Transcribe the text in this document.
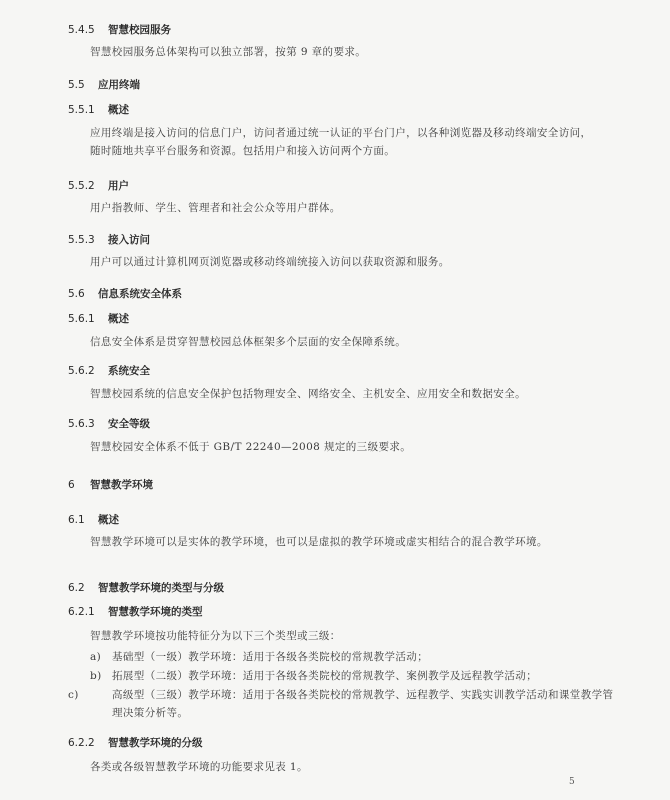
5.4.5 智慧校园服务
智慧校园服务总体架构可以独立部署，按第 9 章的要求。
5.5 应用终端
5.5.1 概述
应用终端是接入访问的信息门户，访问者通过统一认证的平台门户，以各种浏览器及移动终端安全访问，随时随地共享平台服务和资源。包括用户和接入访问两个方面。
5.5.2 用户
用户指教师、学生、管理者和社会公众等用户群体。
5.5.3 接入访问
用户可以通过计算机网页浏览器或移动终端统接入访问以获取资源和服务。
5.6 信息系统安全体系
5.6.1 概述
信息安全体系是贯穿智慧校园总体框架多个层面的安全保障系统。
5.6.2 系统安全
智慧校园系统的信息安全保护包括物理安全、网络安全、主机安全、应用安全和数据安全。
5.6.3 安全等级
智慧校园安全体系不低于 GB/T 22240—2008 规定的三级要求。
6 智慧教学环境
6.1 概述
智慧教学环境可以是实体的教学环境，也可以是虚拟的教学环境或虚实相结合的混合教学环境。
6.2 智慧教学环境的类型与分级
6.2.1 智慧教学环境的类型
智慧教学环境按功能特征分为以下三个类型或三级：
a) 基础型（一级）教学环境：适用于各级各类院校的常规教学活动；
b) 拓展型（二级）教学环境：适用于各级各类院校的常规教学、案例教学及远程教学活动；
c)	高级型（三级）教学环境：适用于各级各类院校的常规教学、远程教学、实践实训教学活动和课堂教学管理决策分析等。
6.2.2 智慧教学环境的分级
各类或各级智慧教学环境的功能要求见表 1。
5
